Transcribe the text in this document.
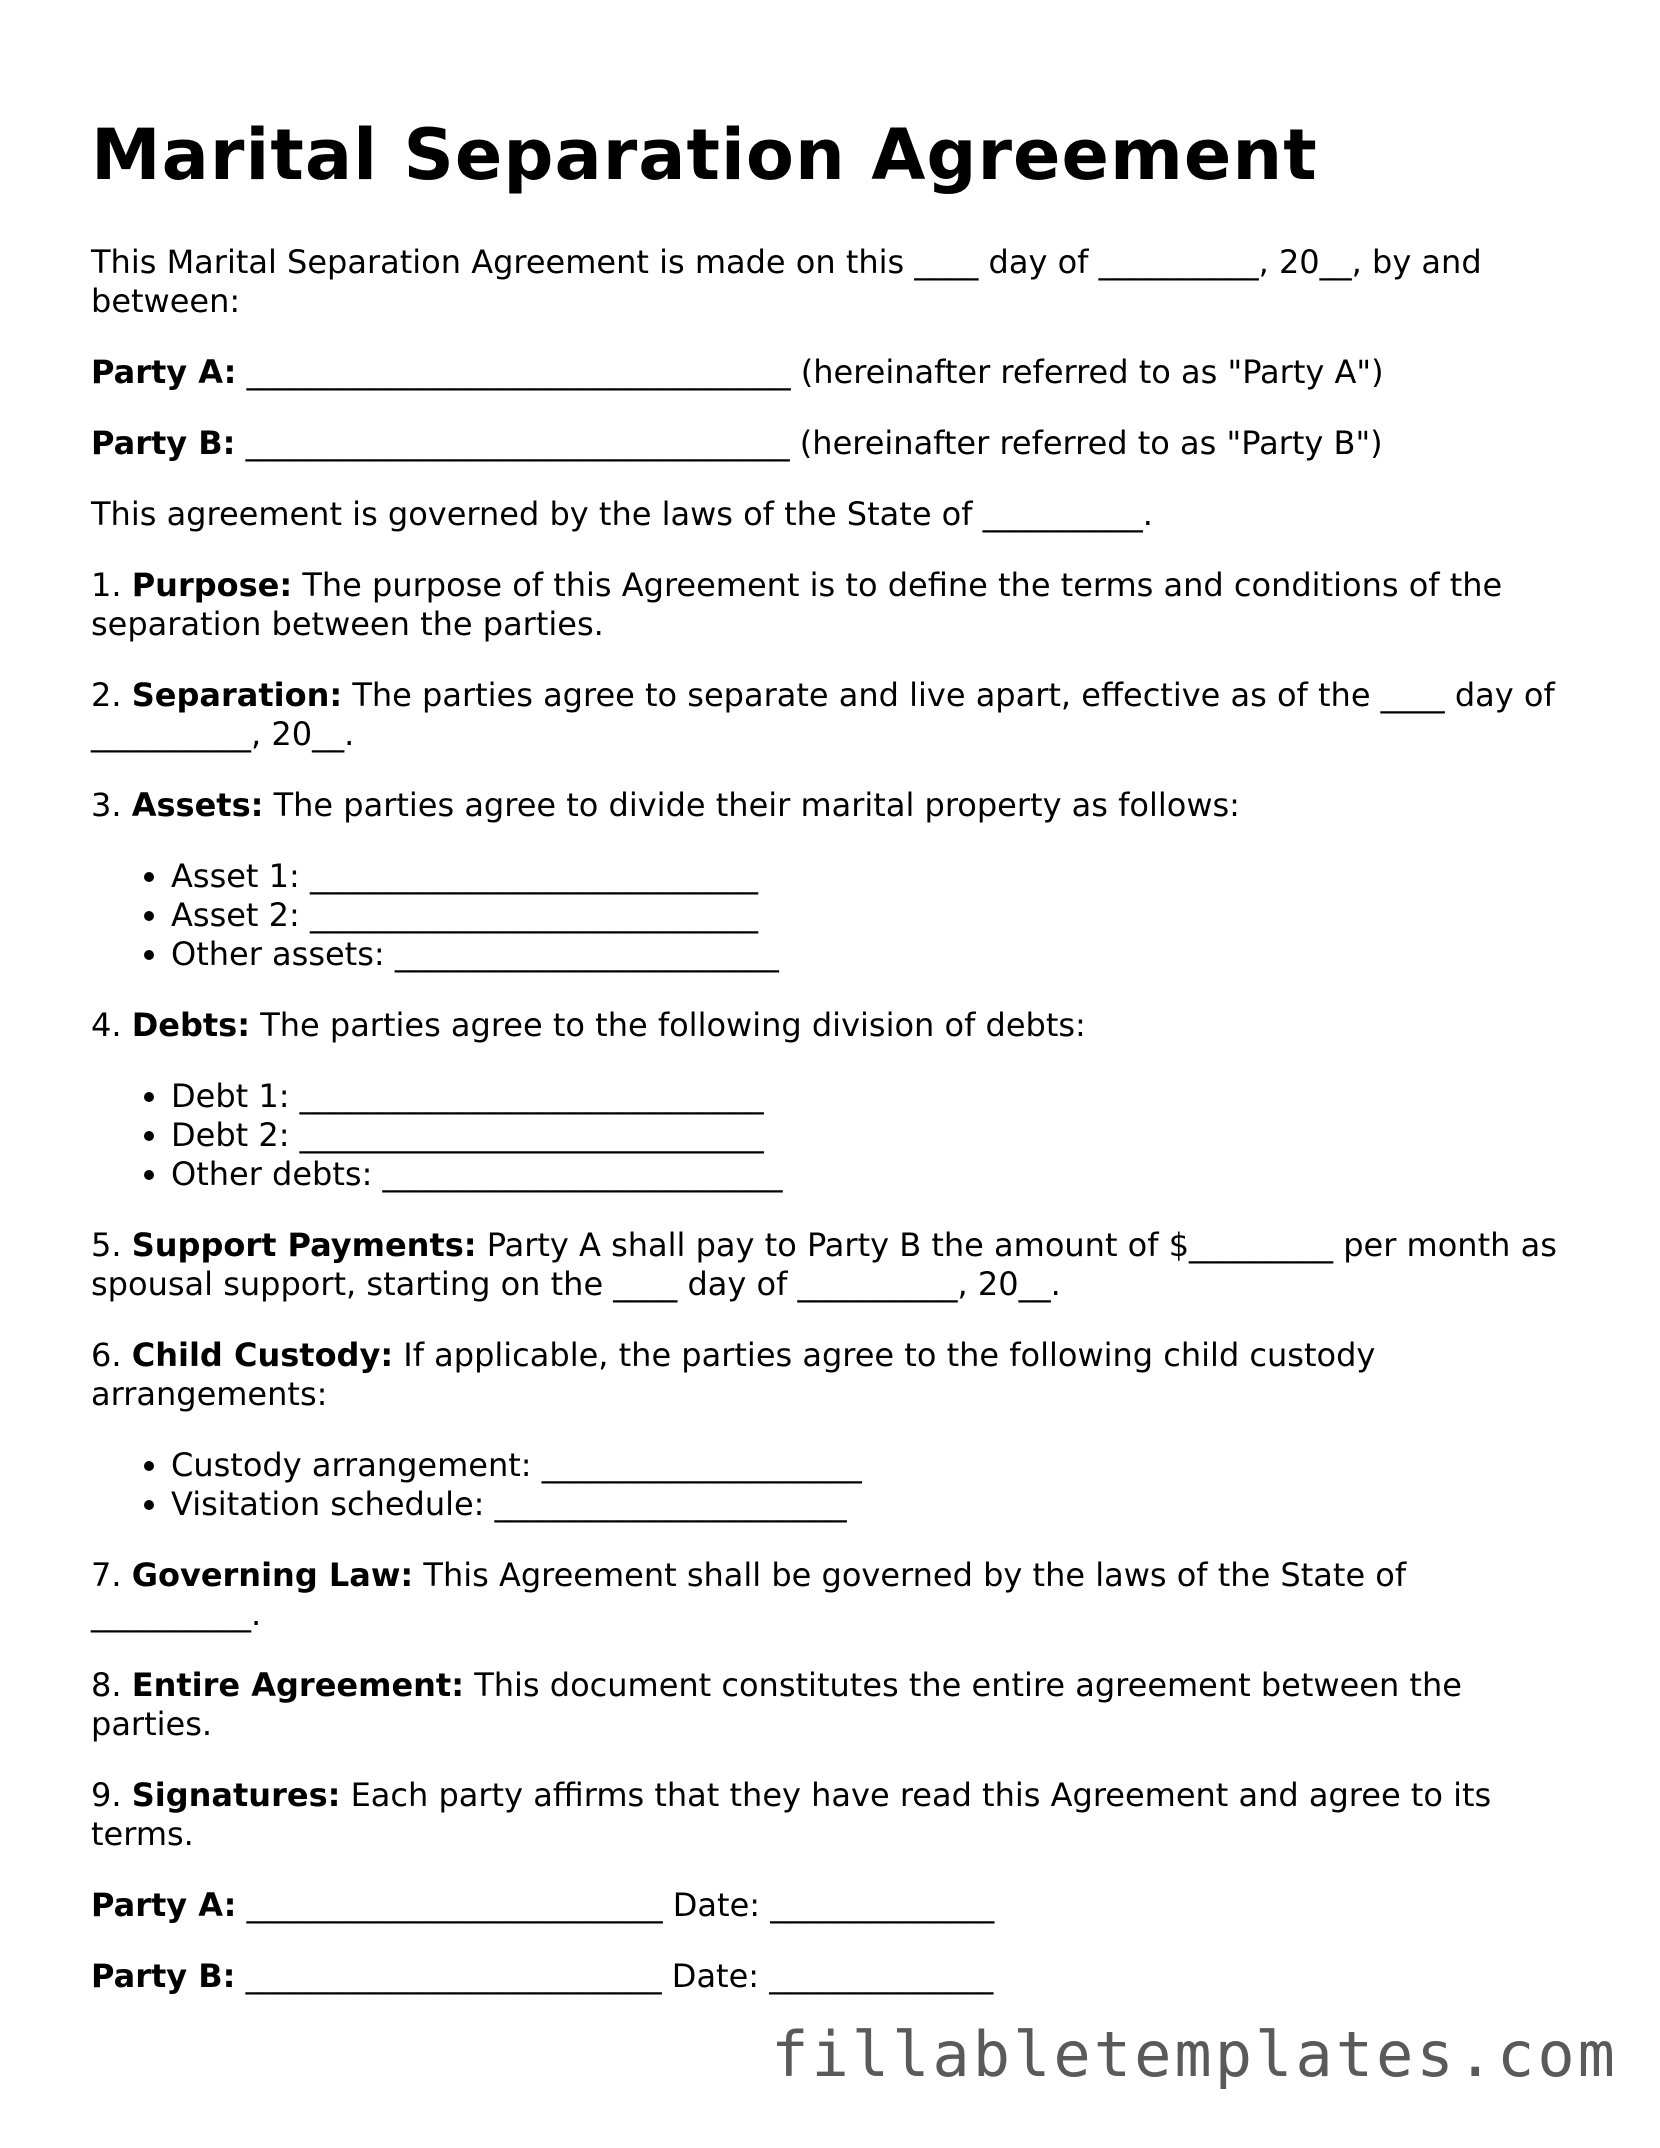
Marital Separation Agreement

This Marital Separation Agreement is made on this ____ day of __________, 20__, by and between:

Party A: __________________________________ (hereinafter referred to as "Party A")

Party B: __________________________________ (hereinafter referred to as "Party B")

This agreement is governed by the laws of the State of __________.

1. Purpose: The purpose of this Agreement is to define the terms and conditions of the separation between the parties.

2. Separation: The parties agree to separate and live apart, effective as of the ____ day of __________, 20__.

3. Assets: The parties agree to divide their marital property as follows:

• Asset 1: ____________________________
• Asset 2: ____________________________
• Other assets: ________________________

4. Debts: The parties agree to the following division of debts:

• Debt 1: _____________________________
• Debt 2: _____________________________
• Other debts: _________________________

5. Support Payments: Party A shall pay to Party B the amount of $_________ per month as spousal support, starting on the ____ day of __________, 20__.

6. Child Custody: If applicable, the parties agree to the following child custody arrangements:

• Custody arrangement: ____________________
• Visitation schedule: ______________________

7. Governing Law: This Agreement shall be governed by the laws of the State of __________.

8. Entire Agreement: This document constitutes the entire agreement between the parties.

9. Signatures: Each party affirms that they have read this Agreement and agree to its terms.

Party A: __________________________ Date: ______________

Party B: __________________________ Date: ______________

fillabletemplates.com
